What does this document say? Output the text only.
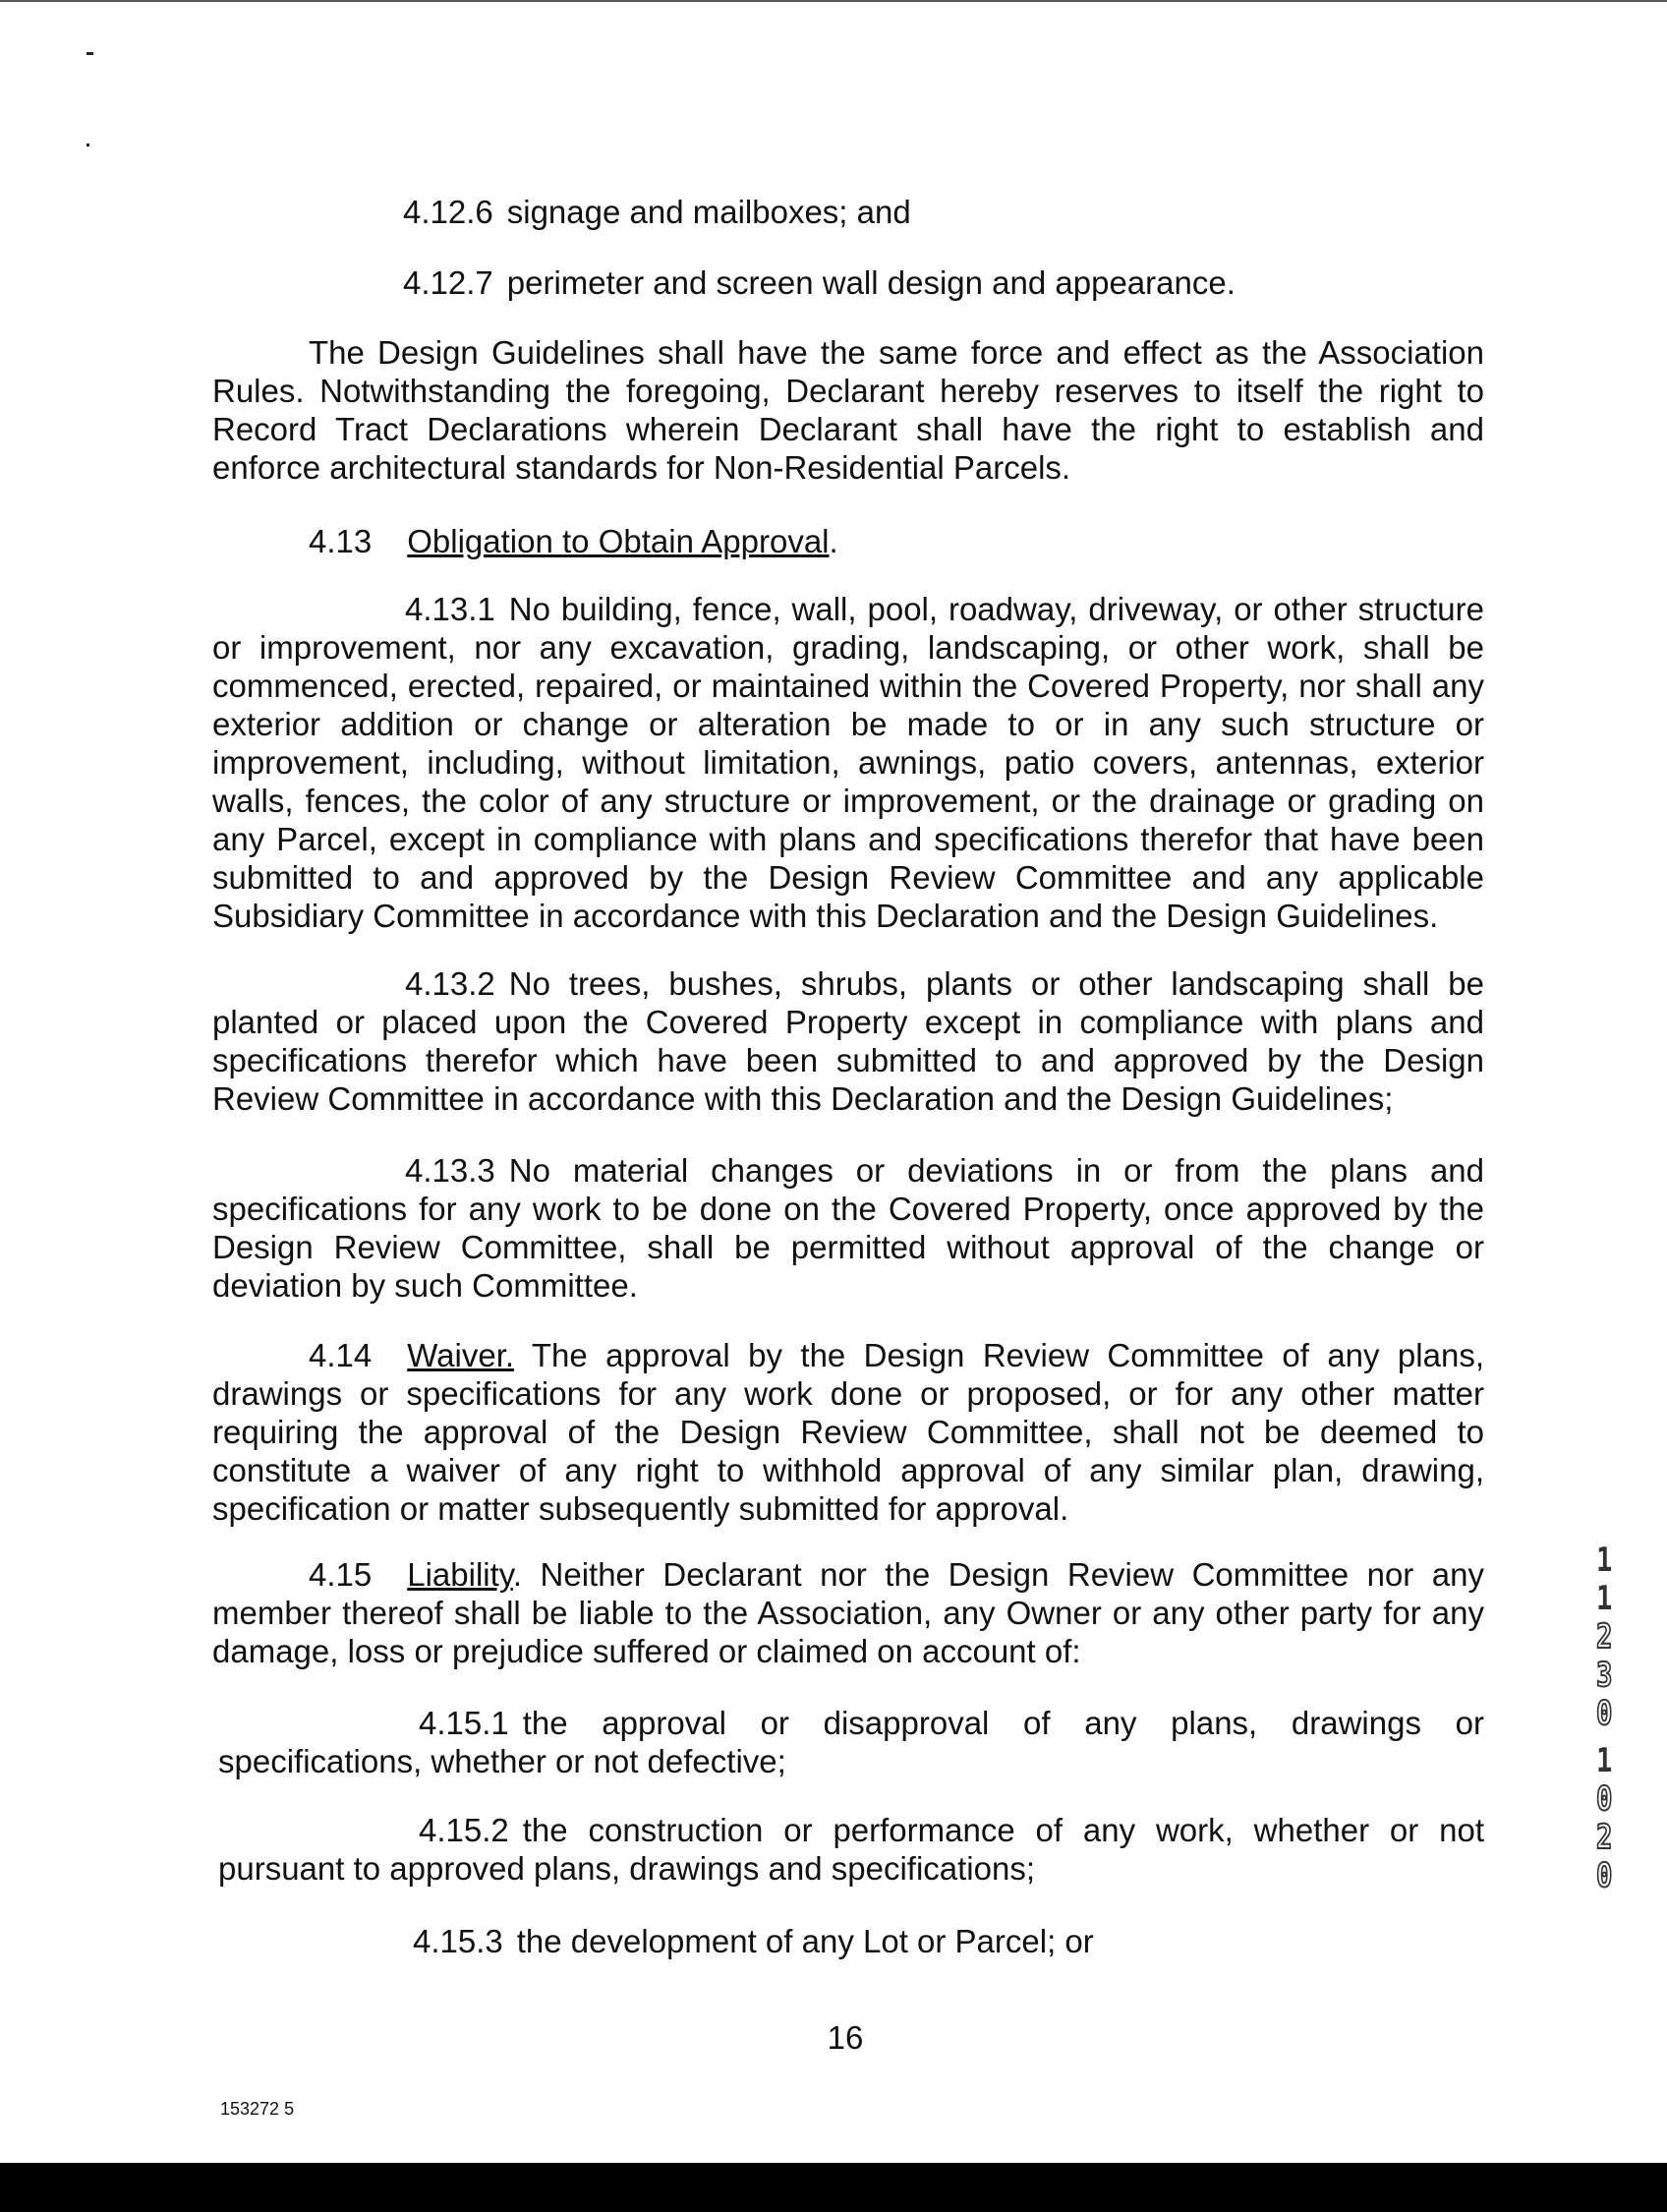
4.12.6 signage and mailboxes; and

4.12.7 perimeter and screen wall design and appearance.

The Design Guidelines shall have the same force and effect as the Association Rules. Notwithstanding the foregoing, Declarant hereby reserves to itself the right to Record Tract Declarations wherein Declarant shall have the right to establish and enforce architectural standards for Non-Residential Parcels.

4.13 Obligation to Obtain Approval.

4.13.1 No building, fence, wall, pool, roadway, driveway, or other structure or improvement, nor any excavation, grading, landscaping, or other work, shall be commenced, erected, repaired, or maintained within the Covered Property, nor shall any exterior addition or change or alteration be made to or in any such structure or improvement, including, without limitation, awnings, patio covers, antennas, exterior walls, fences, the color of any structure or improvement, or the drainage or grading on any Parcel, except in compliance with plans and specifications therefor that have been submitted to and approved by the Design Review Committee and any applicable Subsidiary Committee in accordance with this Declaration and the Design Guidelines.

4.13.2 No trees, bushes, shrubs, plants or other landscaping shall be planted or placed upon the Covered Property except in compliance with plans and specifications therefor which have been submitted to and approved by the Design Review Committee in accordance with this Declaration and the Design Guidelines;

4.13.3 No material changes or deviations in or from the plans and specifications for any work to be done on the Covered Property, once approved by the Design Review Committee, shall be permitted without approval of the change or deviation by such Committee.

4.14 Waiver. The approval by the Design Review Committee of any plans, drawings or specifications for any work done or proposed, or for any other matter requiring the approval of the Design Review Committee, shall not be deemed to constitute a waiver of any right to withhold approval of any similar plan, drawing, specification or matter subsequently submitted for approval.

4.15 Liability. Neither Declarant nor the Design Review Committee nor any member thereof shall be liable to the Association, any Owner or any other party for any damage, loss or prejudice suffered or claimed on account of:

4.15.1 the approval or disapproval of any plans, drawings or specifications, whether or not defective;

4.15.2 the construction or performance of any work, whether or not pursuant to approved plans, drawings and specifications;

4.15.3 the development of any Lot or Parcel; or

16
153272 5
1
1
2
3
0
1
0
2
0
